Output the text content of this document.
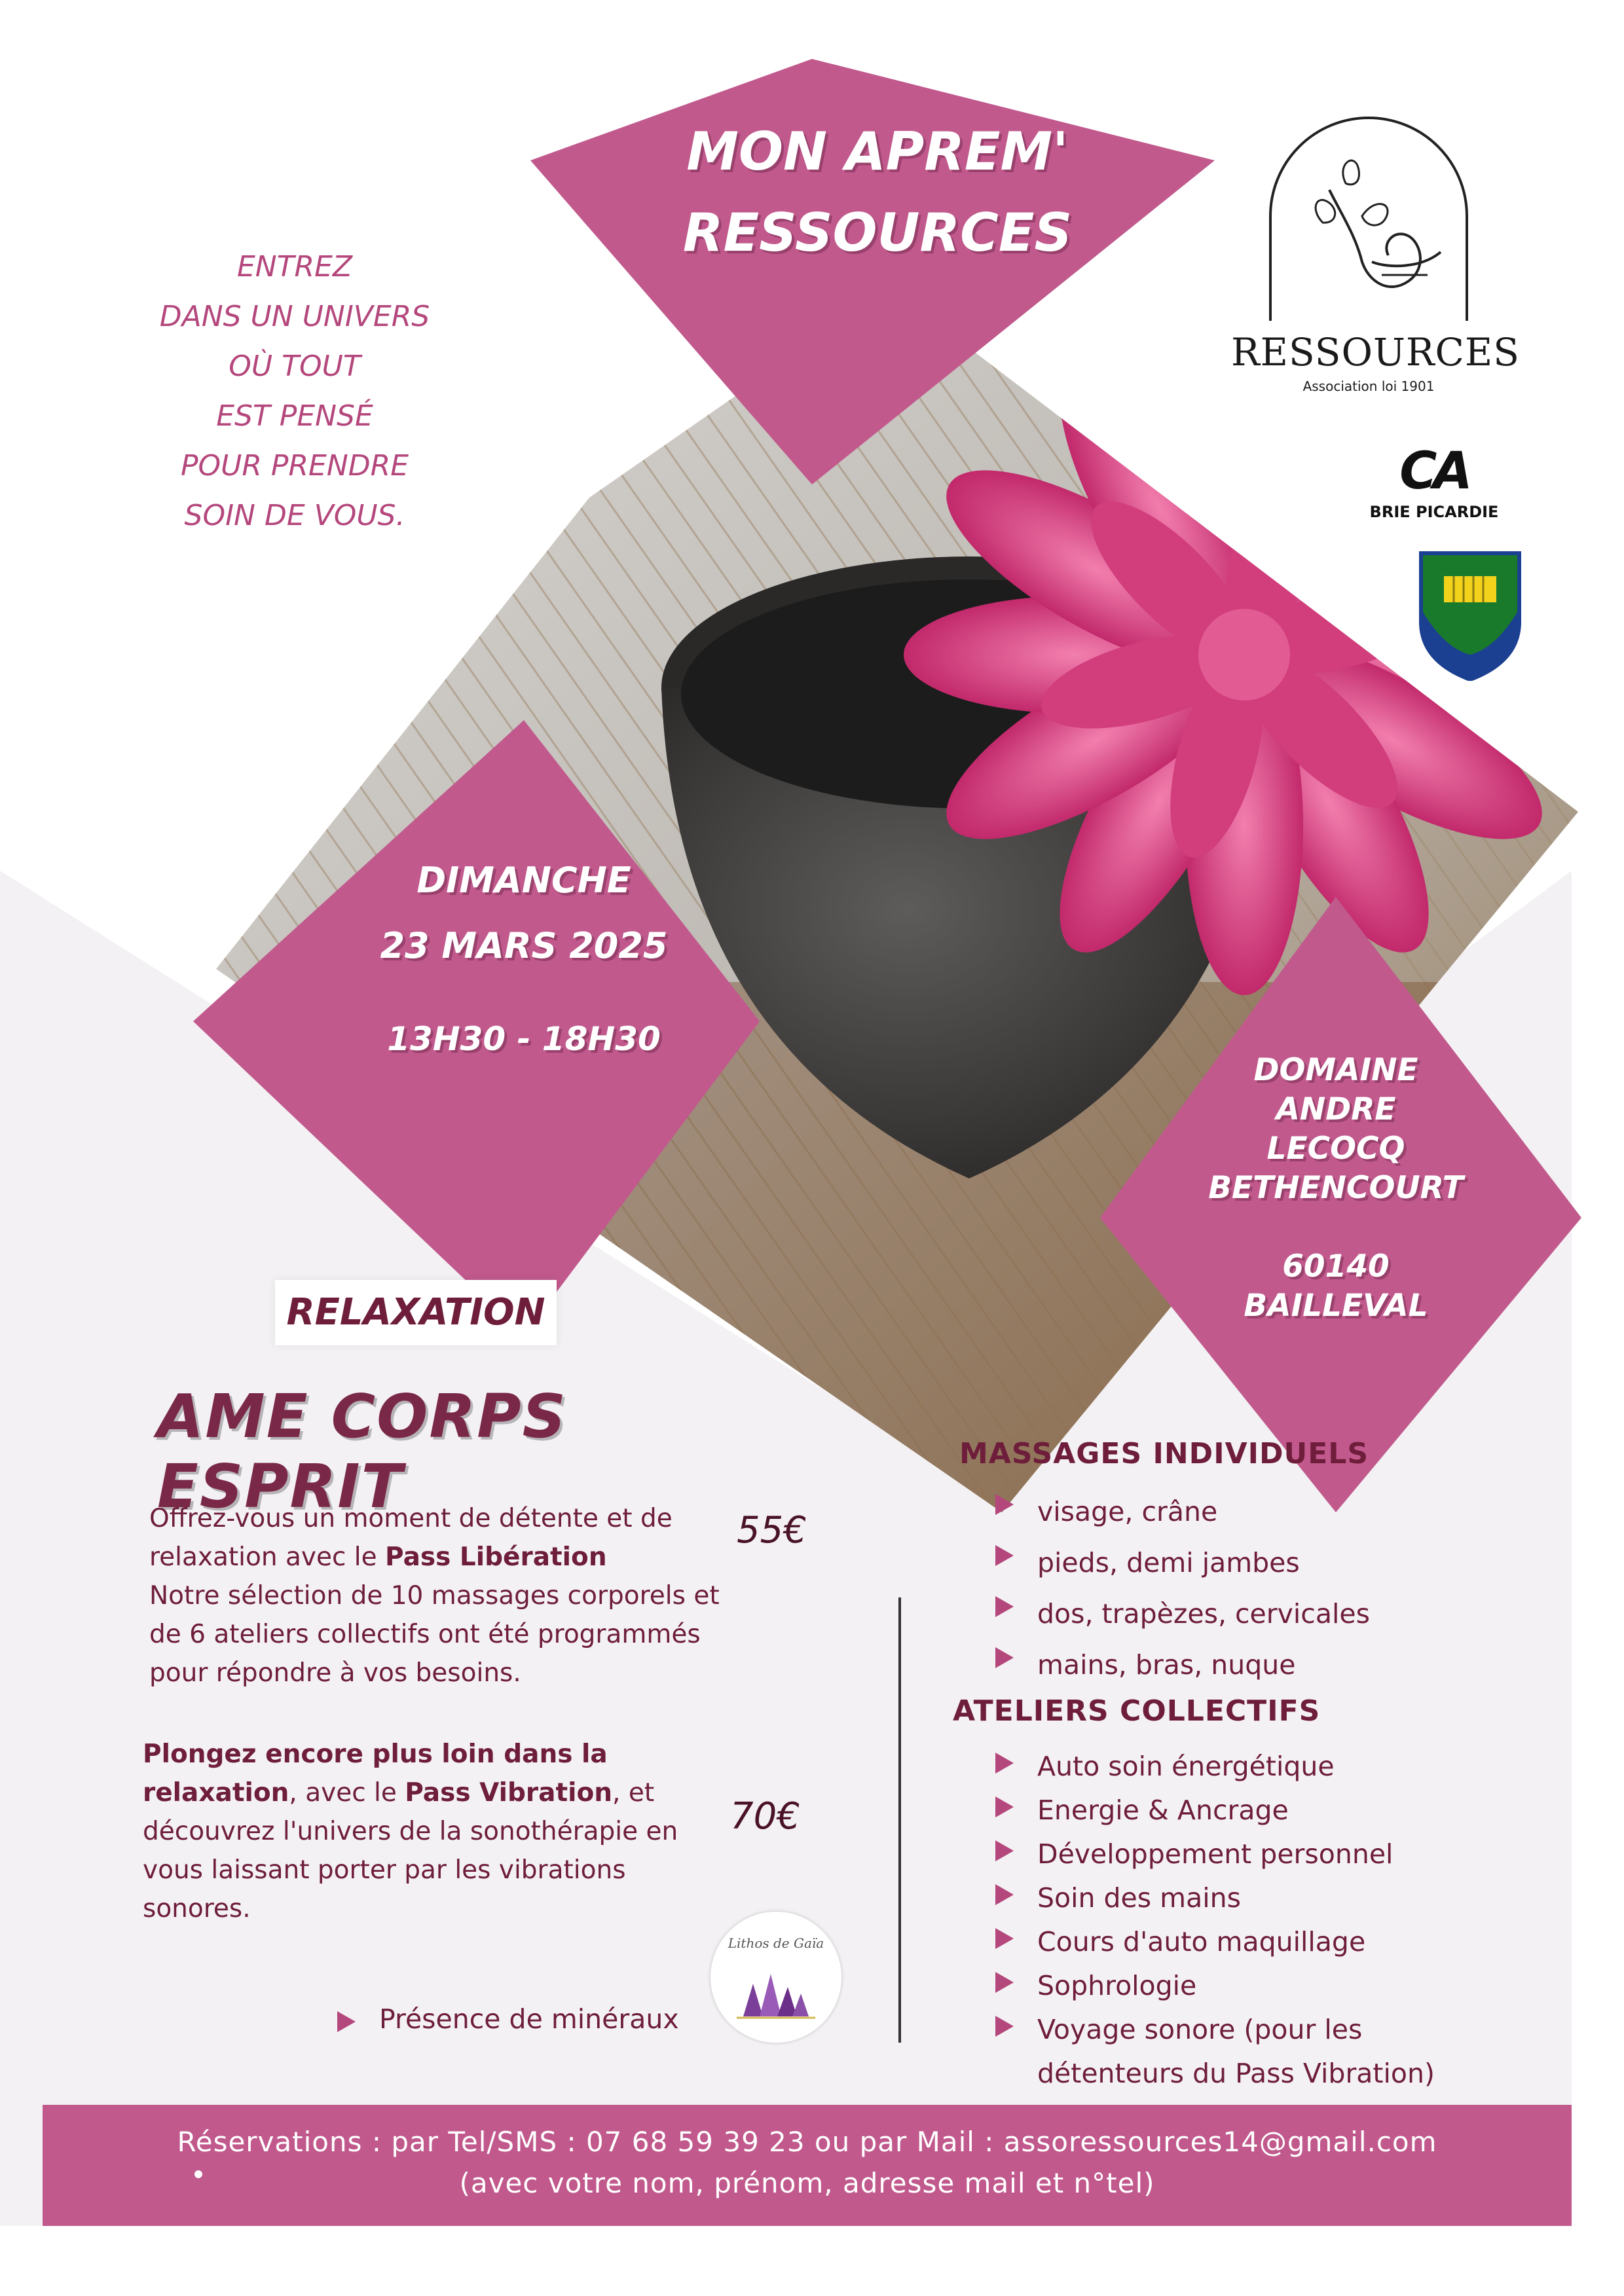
MON APREM'
RESSOURCES
ENTREZ
DANS UN UNIVERS
OÙ TOUT
EST PENSÉ
POUR PRENDRE
SOIN DE VOUS.
RESSOURCES
Association loi 1901
CA
BRIE PICARDIE
DIMANCHE
23 MARS 2025
13H30 - 18H30
DOMAINE ANDRE
LECOCQ
BETHENCOURT
60140 BAILLEVAL
RELAXATION
AME CORPS ESPRIT
Offrez-vous un moment de détente et de
relaxation avec le Pass Libération
Notre sélection de 10 massages corporels et
de 6 ateliers collectifs ont été programmés
pour répondre à vos besoins.
55€
Plongez encore plus loin dans la
relaxation, avec le Pass Vibration, et
découvrez l'univers de la sonothérapie en
vous laissant porter par les vibrations
sonores.
70€
Lithos de Gaïa
Présence de minéraux
MASSAGES INDIVIDUELS
visage, crâne
pieds, demi jambes
dos, trapèzes, cervicales
mains, bras, nuque
ATELIERS COLLECTIFS
Auto soin énergétique
Energie & Ancrage
Développement personnel
Soin des mains
Cours d'auto maquillage
Sophrologie
Voyage sonore (pour les
détenteurs du Pass Vibration)
Réservations : par Tel/SMS : 07 68 59 39 23 ou par Mail : assoressources14@gmail.com
(avec votre nom, prénom, adresse mail et n°tel)
